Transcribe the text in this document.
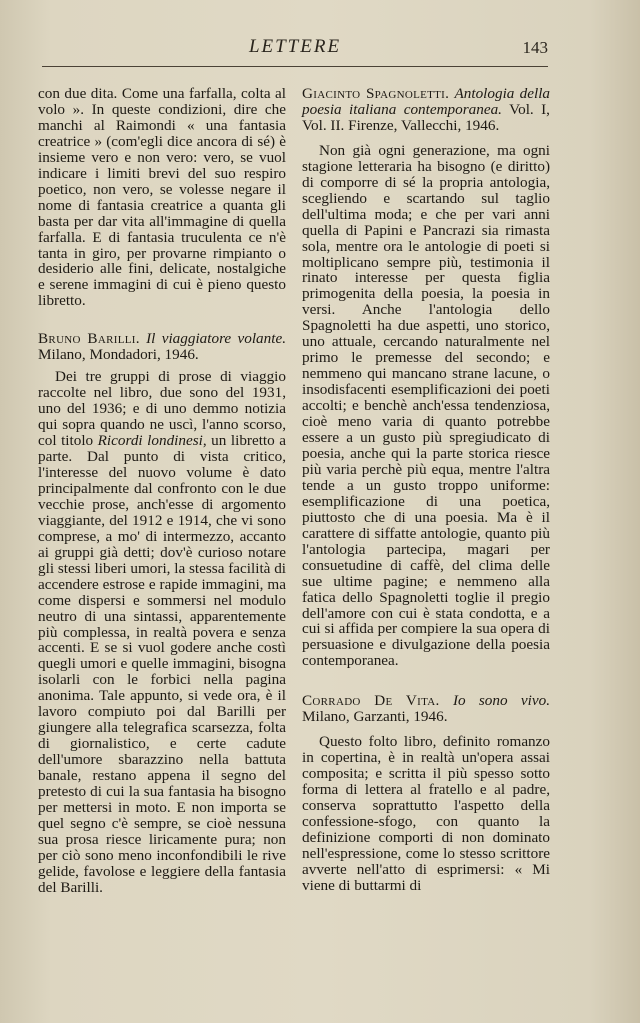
LETTERE	143

con due dita. Come una farfalla, colta al volo ». In queste condizioni, dire che manchi al Raimondi « una fantasia creatrice » (com'egli dice ancora di sé) è insieme vero e non vero: vero, se vuol indicare i limiti brevi del suo respiro poetico, non vero, se volesse negare il nome di fantasia creatrice a quanta gli basta per dar vita all'immagine di quella farfalla. E di fantasia truculenta ce n'è tanta in giro, per provarne rimpianto o desiderio alle fini, delicate, nostalgiche e serene immagini di cui è pieno questo libretto.

Bruno Barilli. Il viaggiatore volante. Milano, Mondadori, 1946.

Dei tre gruppi di prose di viaggio raccolte nel libro, due sono del 1931, uno del 1936; e di uno demmo notizia qui sopra quando ne uscì, l'anno scorso, col titolo Ricordi londinesi, un libretto a parte. Dal punto di vista critico, l'interesse del nuovo volume è dato principalmente dal confronto con le due vecchie prose, anch'esse di argomento viaggiante, del 1912 e 1914, che vi sono comprese, a mo' di intermezzo, accanto ai gruppi già detti; dov'è curioso notare gli stessi liberi umori, la stessa facilità di accendere estrose e rapide immagini, ma come dispersi e sommersi nel modulo neutro di una sintassi, apparentemente più complessa, in realtà povera e senza accenti. E se si vuol godere anche costì quegli umori e quelle immagini, bisogna isolarli con le forbici nella pagina anonima. Tale appunto, si vede ora, è il lavoro compiuto poi dal Barilli per giungere alla telegrafica scarsezza, folta di giornalistico, e certe cadute dell'umore sbarazzino nella battuta banale, restano appena il segno del pretesto di cui la sua fantasia ha bisogno per mettersi in moto. E non importa se quel segno c'è sempre, se cioè nessuna sua prosa riesce liricamente pura; non per ciò sono meno inconfondibili le rive gelide, favolose e leggiere della fantasia del Barilli.

Giacinto Spagnoletti. Antologia della poesia italiana contemporanea. Vol. I, Vol. II. Firenze, Vallecchi, 1946.

Non già ogni generazione, ma ogni stagione letteraria ha bisogno (e diritto) di comporre di sé la propria antologia, scegliendo e scartando sul taglio dell'ultima moda; e che per vari anni quella di Papini e Pancrazi sia rimasta sola, mentre ora le antologie di poeti si moltiplicano sempre più, testimonia il rinato interesse per questa figlia primogenita della poesia, la poesia in versi. Anche l'antologia dello Spagnoletti ha due aspetti, uno storico, uno attuale, cercando naturalmente nel primo le premesse del secondo; e nemmeno qui mancano strane lacune, o insodisfacenti esemplificazioni dei poeti accolti; e benchè anch'essa tendenziosa, cioè meno varia di quanto potrebbe essere a un gusto più spregiudicato di poesia, anche qui la parte storica riesce più varia perchè più equa, mentre l'altra tende a un gusto troppo uniforme: esemplificazione di una poetica, piuttosto che di una poesia. Ma è il carattere di siffatte antologie, quanto più l'antologia partecipa, magari per consuetudine di caffè, del clima delle sue ultime pagine; e nemmeno alla fatica dello Spagnoletti toglie il pregio dell'amore con cui è stata condotta, e a cui si affida per compiere la sua opera di persuasione e divulgazione della poesia contemporanea.

Corrado De Vita. Io sono vivo. Milano, Garzanti, 1946.

Questo folto libro, definito romanzo in copertina, è in realtà un'opera assai composita; e scritta il più spesso sotto forma di lettera al fratello e al padre, conserva soprattutto l'aspetto della confessione-sfogo, con quanto la definizione comporti di non dominato nell'espressione, come lo stesso scrittore avverte nell'atto di esprimersi: « Mi viene di buttarmi di
